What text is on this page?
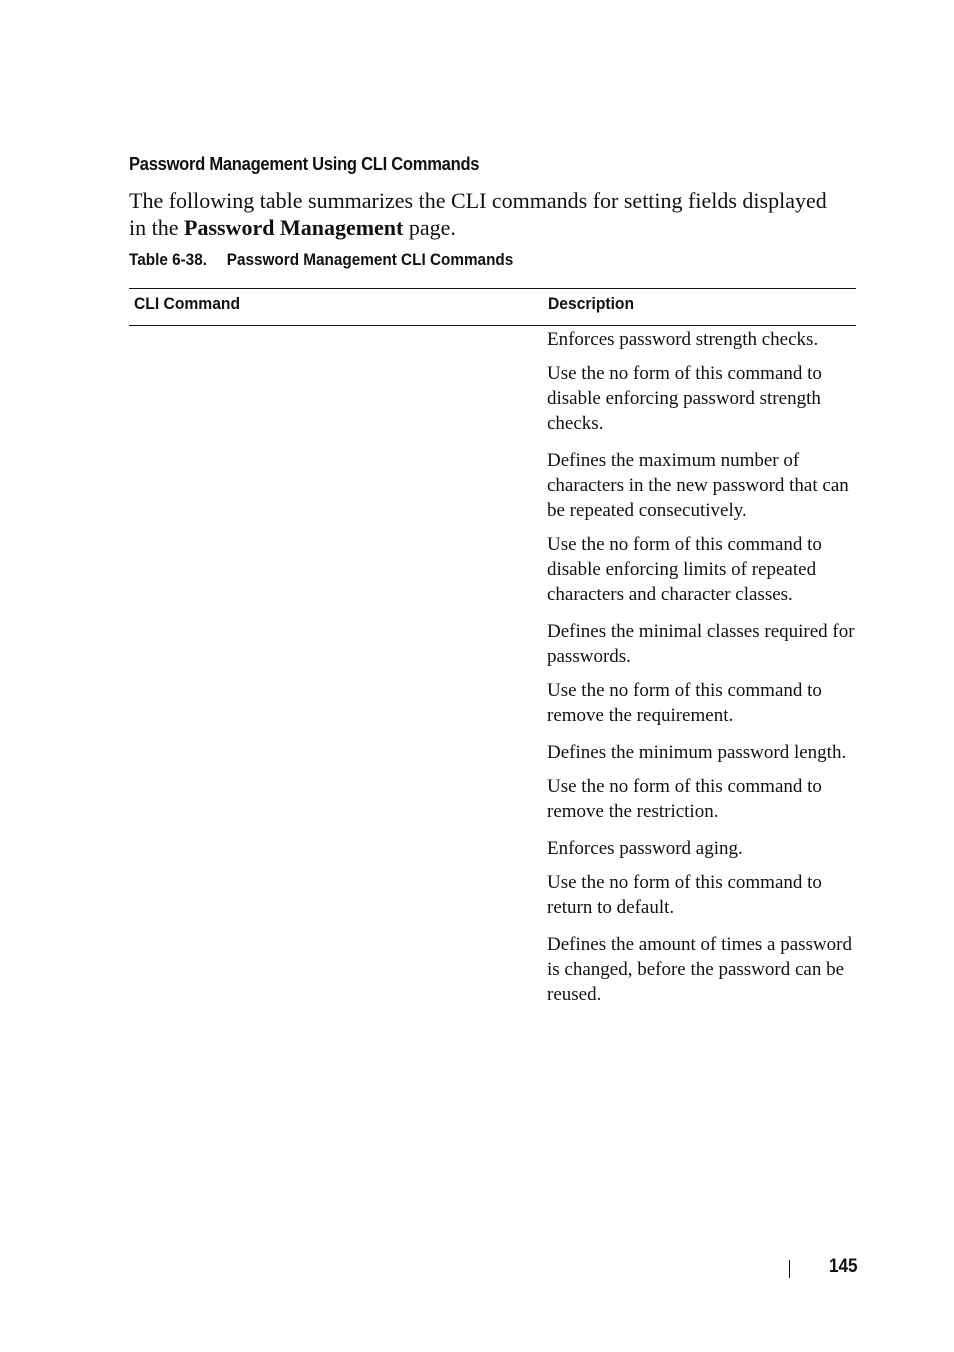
Password Management Using CLI Commands

The following table summarizes the CLI commands for setting fields displayed in the Password Management page.

Table 6-38. Password Management CLI Commands

CLI Command	Description

Enforces password strength checks.

Use the no form of this command to disable enforcing password strength checks.

Defines the maximum number of characters in the new password that can be repeated consecutively.

Use the no form of this command to disable enforcing limits of repeated characters and character classes.

Defines the minimal classes required for passwords.

Use the no form of this command to remove the requirement.

Defines the minimum password length.

Use the no form of this command to remove the restriction.

Enforces password aging.

Use the no form of this command to return to default.

Defines the amount of times a password is changed, before the password can be reused.

145
